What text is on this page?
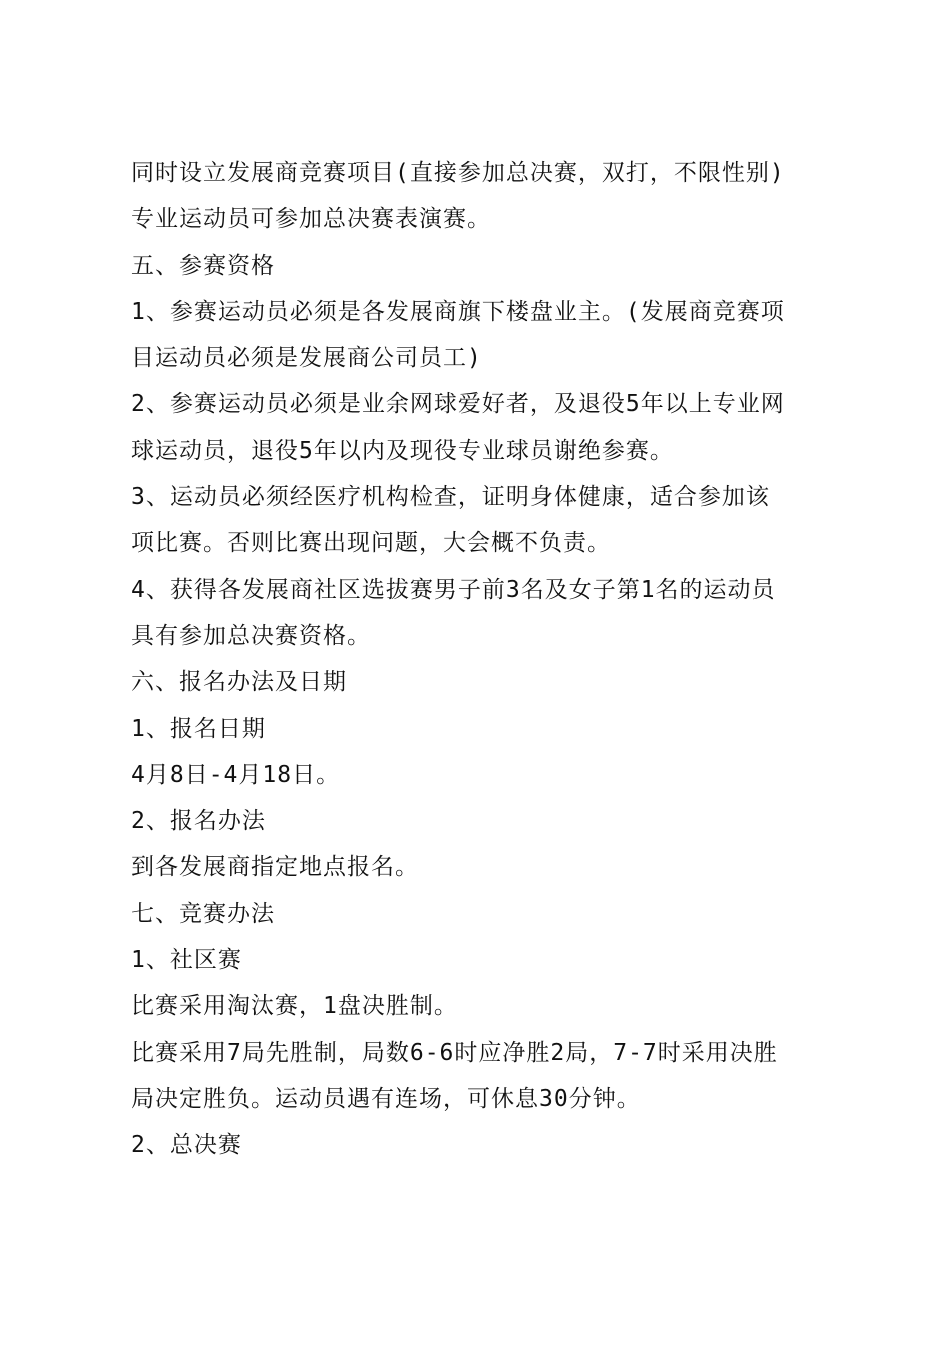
同时设立发展商竞赛项目(直接参加总决赛，双打，不限性别)
专业运动员可参加总决赛表演赛。
五、参赛资格
1、参赛运动员必须是各发展商旗下楼盘业主。(发展商竞赛项
目运动员必须是发展商公司员工)
2、参赛运动员必须是业余网球爱好者，及退役5年以上专业网
球运动员，退役5年以内及现役专业球员谢绝参赛。
3、运动员必须经医疗机构检查，证明身体健康，适合参加该
项比赛。否则比赛出现问题，大会概不负责。
4、获得各发展商社区选拔赛男子前3名及女子第1名的运动员
具有参加总决赛资格。
六、报名办法及日期
1、报名日期
4月8日-4月18日。
2、报名办法
到各发展商指定地点报名。
七、竞赛办法
1、社区赛
比赛采用淘汰赛，1盘决胜制。
比赛采用7局先胜制，局数6-6时应净胜2局，7-7时采用决胜
局决定胜负。运动员遇有连场，可休息30分钟。
2、总决赛
